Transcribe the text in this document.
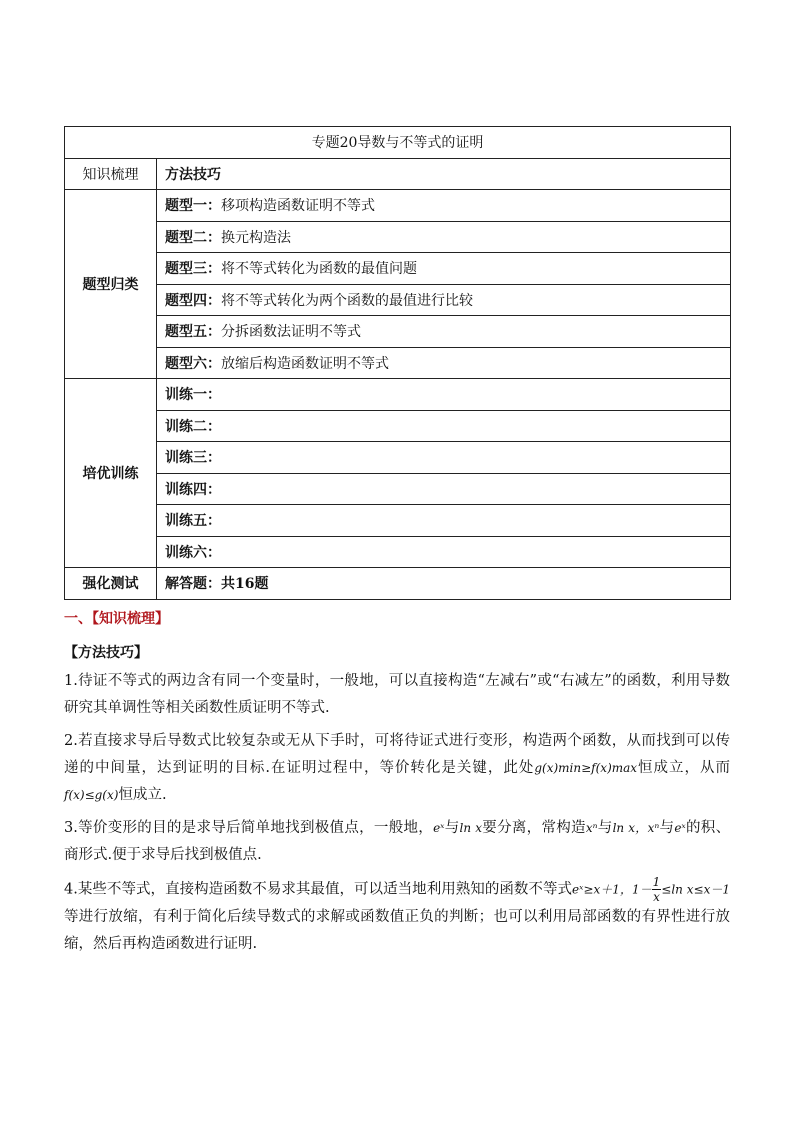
专题20导数与不等式的证明	
知识梳理	方法技巧
题型归类	题型一：移项构造函数证明不等式
	题型二：换元构造法
	题型三：将不等式转化为函数的最值问题
	题型四：将不等式转化为两个函数的最值进行比较
	题型五：分拆函数法证明不等式
	题型六：放缩后构造函数证明不等式
培优训练	训练一：
	训练二：
	训练三：
	训练四：
	训练五：
	训练六：
强化测试	解答题：共16题
一、【知识梳理】
【方法技巧】
1.待证不等式的两边含有同一个变量时，一般地，可以直接构造“左减右”或“右减左”的函数，利用导数研究其单调性等相关函数性质证明不等式.
2.若直接求导后导数式比较复杂或无从下手时，可将待证式进行变形，构造两个函数，从而找到可以传递的中间量，达到证明的目标.在证明过程中，等价转化是关键，此处g(x)min≥f(x)max恒成立，从而f(x)≤g(x)恒成立.
3.等价变形的目的是求导后简单地找到极值点，一般地，eˣ与ln x要分离，常构造xⁿ与ln x，xⁿ与eˣ的积、商形式.便于求导后找到极值点.
4.某些不等式，直接构造函数不易求其最值，可以适当地利用熟知的函数不等式eˣ≥x＋1，$1- \frac{1}{x} \le\ln$ x≤x－1等进行放缩，有利于简化后续导数式的求解或函数值正负的判断；也可以利用局部函数的有界性进行放缩，然后再构造函数进行证明.
